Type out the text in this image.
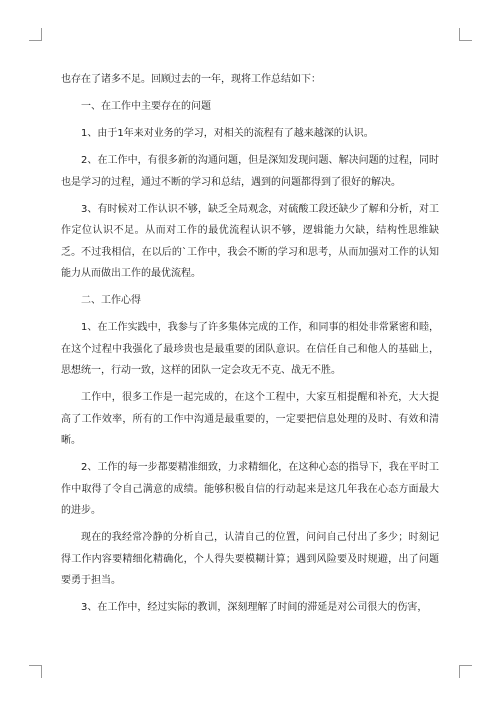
也存在了诸多不足。回顾过去的一年，现将工作总结如下：

一、在工作中主要存在的问题

1、由于1年来对业务的学习，对相关的流程有了越来越深的认识。

2、在工作中，有很多新的沟通问题，但是深知发现问题、解决问题的过程，同时也是学习的过程，通过不断的学习和总结，遇到的问题都得到了很好的解决。

3、有时候对工作认识不够，缺乏全局观念，对硫酸工段还缺少了解和分析，对工作定位认识不足。从而对工作的最优流程认识不够，逻辑能力欠缺，结构性思维缺乏。不过我相信，在以后的`工作中，我会不断的学习和思考，从而加强对工作的认知能力从而做出工作的最优流程。

二、工作心得

1、在工作实践中，我参与了许多集体完成的工作，和同事的相处非常紧密和睦，在这个过程中我强化了最珍贵也是最重要的团队意识。在信任自己和他人的基础上，思想统一，行动一致，这样的团队一定会攻无不克、战无不胜。

工作中，很多工作是一起完成的，在这个工程中，大家互相提醒和补充，大大提高了工作效率，所有的工作中沟通是最重要的，一定要把信息处理的及时、有效和清晰。

2、工作的每一步都要精准细致，力求精细化，在这种心态的指导下，我在平时工作中取得了令自己满意的成绩。能够积极自信的行动起来是这几年我在心态方面最大的进步。

现在的我经常冷静的分析自己，认清自己的位置，问问自己付出了多少；时刻记得工作内容要精细化精确化，个人得失要模糊计算；遇到风险要及时规避，出了问题要勇于担当。

3、在工作中，经过实际的教训，深刻理解了时间的滞延是对公司很大的伤害，
